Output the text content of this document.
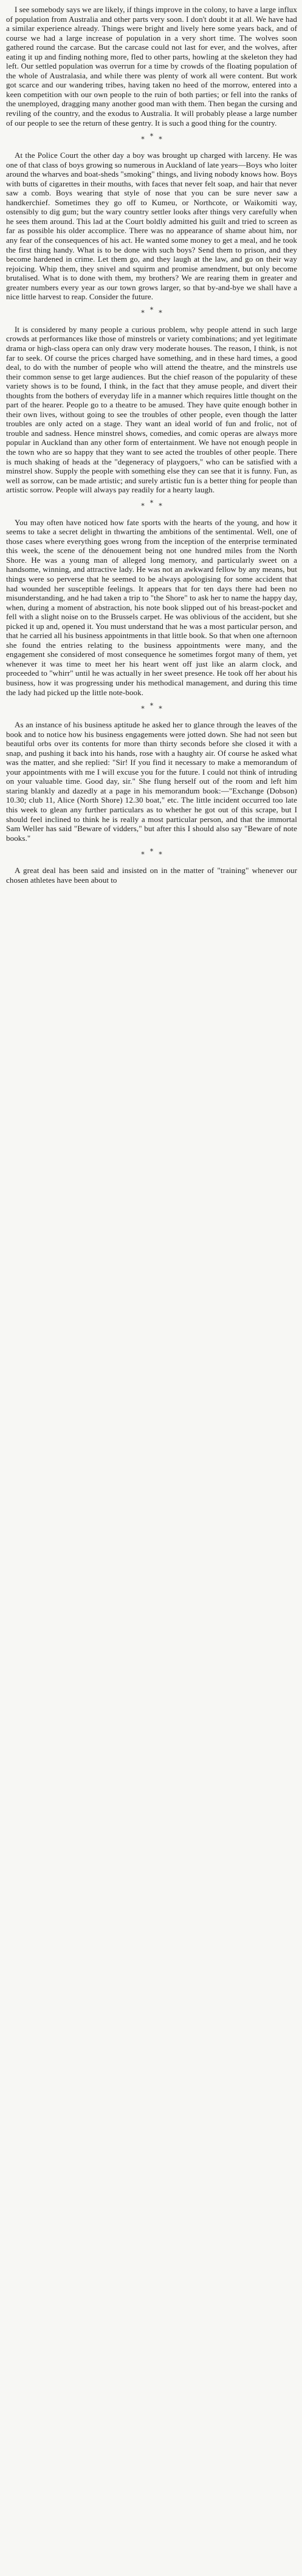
I see somebody says we are likely, if things improve in the colony, to have a large influx of population from Australia and other parts very soon. I don't doubt it at all. We have had a similar experience already. Things were bright and lively here some years back, and of course we had a large increase of population in a very short time. The wolves soon gathered round the carcase. But the carcase could not last for ever, and the wolves, after eating it up and finding nothing more, fled to other parts, howling at the skeleton they had left. Our settled population was overrun for a time by crowds of the floating population of the whole of Australasia, and while there was plenty of work all were content. But work got scarce and our wandering tribes, having taken no heed of the morrow, entered into a keen competition with our own people to the ruin of both parties; or fell into the ranks of the unemployed, dragging many another good man with them. Then began the cursing and reviling of the country, and the exodus to Australia. It will probably please a large number of our people to see the return of these gentry. It is such a good thing for the country.

* * *

At the Police Court the other day a boy was brought up charged with larceny. He was one of that class of boys growing so numerous in Auckland of late years—Boys who loiter around the wharves and boat-sheds "smoking" things, and living nobody knows how. Boys with butts of cigarettes in their mouths, with faces that never felt soap, and hair that never saw a comb. Boys wearing that style of nose that you can be sure never saw a handkerchief. Sometimes they go off to Kumeu, or Northcote, or Waikomiti way, ostensibly to dig gum; but the wary country settler looks after things very carefully when he sees them around. This lad at the Court boldly admitted his guilt and tried to screen as far as possible his older accomplice. There was no appearance of shame about him, nor any fear of the consequences of his act. He wanted some money to get a meal, and he took the first thing handy. What is to be done with such boys? Send them to prison, and they become hardened in crime. Let them go, and they laugh at the law, and go on their way rejoicing. Whip them, they snivel and squirm and promise amendment, but only become brutalised. What is to done with them, my brothers? We are rearing them in greater and greater numbers every year as our town grows larger, so that by-and-bye we shall have a nice little harvest to reap. Consider the future.

* * *

It is considered by many people a curious problem, why people attend in such large crowds at performances like those of minstrels or variety combinations; and yet legitimate drama or high-class opera can only draw very moderate houses. The reason, I think, is not far to seek. Of course the prices charged have something, and in these hard times, a good deal, to do with the number of people who will attend the theatre, and the minstrels use their common sense to get large audiences. But the chief reason of the popularity of these variety shows is to be found, I think, in the fact that they amuse people, and divert their thoughts from the bothers of everyday life in a manner which requires little thought on the part of the hearer. People go to a theatre to be amused. They have quite enough bother in their own lives, without going to see the troubles of other people, even though the latter troubles are only acted on a stage. They want an ideal world of fun and frolic, not of trouble and sadness. Hence minstrel shows, comedies, and comic operas are always more popular in Auckland than any other form of entertainment. We have not enough people in the town who are so happy that they want to see acted the troubles of other people. There is much shaking of heads at the "degeneracy of playgoers," who can be satisfied with a minstrel show. Supply the people with something else they can see that it is funny. Fun, as well as sorrow, can be made artistic; and surely artistic fun is a better thing for people than artistic sorrow. People will always pay readily for a hearty laugh.

* * *

You may often have noticed how fate sports with the hearts of the young, and how it seems to take a secret delight in thwarting the ambitions of the sentimental. Well, one of those cases where everything goes wrong from the inception of the enterprise terminated this week, the scene of the dénouement being not one hundred miles from the North Shore. He was a young man of alleged long memory, and particularly sweet on a handsome, winning, and attractive lady. He was not an awkward fellow by any means, but things were so perverse that he seemed to be always apologising for some accident that had wounded her susceptible feelings. It appears that for ten days there had been no misunderstanding, and he had taken a trip to "the Shore" to ask her to name the happy day, when, during a moment of abstraction, his note book slipped out of his breast-pocket and fell with a slight noise on to the Brussels carpet. He was oblivious of the accident, but she picked it up and, opened it. You must understand that he was a most particular person, and that he carried all his business appointments in that little book. So that when one afternoon she found the entries relating to the business appointments were many, and the engagement she considered of most consequence he sometimes forgot many of them, yet whenever it was time to meet her his heart went off just like an alarm clock, and proceeded to "whirr" until he was actually in her sweet presence. He took off her about his business, how it was progressing under his methodical management, and during this time the lady had picked up the little note-book.

* * *

As an instance of his business aptitude he asked her to glance through the leaves of the book and to notice how his business engagements were jotted down. She had not seen but beautiful orbs over its contents for more than thirty seconds before she closed it with a snap, and pushing it back into his hands, rose with a haughty air. Of course he asked what was the matter, and she replied: "Sir! If you find it necessary to make a memorandum of your appointments with me I will excuse you for the future. I could not think of intruding on your valuable time. Good day, sir." She flung herself out of the room and left him staring blankly and dazedly at a page in his memorandum book:—"Exchange (Dobson) 10.30; club 11, Alice (North Shore) 12.30 boat," etc. The little incident occurred too late this week to glean any further particulars as to whether he got out of this scrape, but I should feel inclined to think he is really a most particular person, and that the immortal Sam Weller has said "Beware of vidders," but after this I should also say "Beware of note books."

* * *

A great deal has been said and insisted on in the matter of "training" whenever our chosen athletes have been about to
